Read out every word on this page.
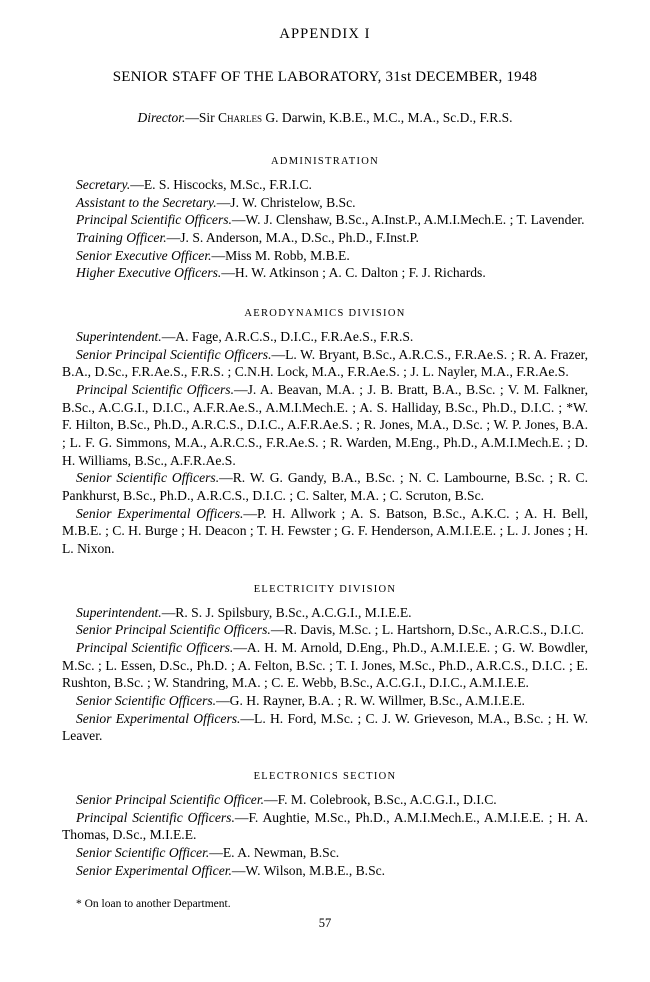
APPENDIX I
SENIOR STAFF OF THE LABORATORY, 31st DECEMBER, 1948
Director.—Sir Charles G. Darwin, K.B.E., M.C., M.A., Sc.D., F.R.S.
ADMINISTRATION

Secretary.—E. S. Hiscocks, M.Sc., F.R.I.C.

Assistant to the Secretary.—J. W. Christelow, B.Sc.

Principal Scientific Officers.—W. J. Clenshaw, B.Sc., A.Inst.P., A.M.I.Mech.E. ; T. Lavender.

Training Officer.—J. S. Anderson, M.A., D.Sc., Ph.D., F.Inst.P.

Senior Executive Officer.—Miss M. Robb, M.B.E.

Higher Executive Officers.—H. W. Atkinson ; A. C. Dalton ; F. J. Richards.

AERODYNAMICS DIVISION

Superintendent.—A. Fage, A.R.C.S., D.I.C., F.R.Ae.S., F.R.S.

Senior Principal Scientific Officers.—L. W. Bryant, B.Sc., A.R.C.S., F.R.Ae.S. ; R. A. Frazer, B.A., D.Sc., F.R.Ae.S., F.R.S. ; C.N.H. Lock, M.A., F.R.Ae.S. ; J. L. Nayler, M.A., F.R.Ae.S.

Principal Scientific Officers.—J. A. Beavan, M.A. ; J. B. Bratt, B.A., B.Sc. ; V. M. Falkner, B.Sc., A.C.G.I., D.I.C., A.F.R.Ae.S., A.M.I.Mech.E. ; A. S. Halliday, B.Sc., Ph.D., D.I.C. ; *W. F. Hilton, B.Sc., Ph.D., A.R.C.S., D.I.C., A.F.R.Ae.S. ; R. Jones, M.A., D.Sc. ; W. P. Jones, B.A. ; L. F. G. Simmons, M.A., A.R.C.S., F.R.Ae.S. ; R. Warden, M.Eng., Ph.D., A.M.I.Mech.E. ; D. H. Williams, B.Sc., A.F.R.Ae.S.

Senior Scientific Officers.—R. W. G. Gandy, B.A., B.Sc. ; N. C. Lambourne, B.Sc. ; R. C. Pankhurst, B.Sc., Ph.D., A.R.C.S., D.I.C. ; C. Salter, M.A. ; C. Scruton, B.Sc.

Senior Experimental Officers.—P. H. Allwork ; A. S. Batson, B.Sc., A.K.C. ; A. H. Bell, M.B.E. ; C. H. Burge ; H. Deacon ; T. H. Fewster ; G. F. Henderson, A.M.I.E.E. ; L. J. Jones ; H. L. Nixon.

ELECTRICITY DIVISION

Superintendent.—R. S. J. Spilsbury, B.Sc., A.C.G.I., M.I.E.E.

Senior Principal Scientific Officers.—R. Davis, M.Sc. ; L. Hartshorn, D.Sc., A.R.C.S., D.I.C.

Principal Scientific Officers.—A. H. M. Arnold, D.Eng., Ph.D., A.M.I.E.E. ; G. W. Bowdler, M.Sc. ; L. Essen, D.Sc., Ph.D. ; A. Felton, B.Sc. ; T. I. Jones, M.Sc., Ph.D., A.R.C.S., D.I.C. ; E. Rushton, B.Sc. ; W. Standring, M.A. ; C. E. Webb, B.Sc., A.C.G.I., D.I.C., A.M.I.E.E.

Senior Scientific Officers.—G. H. Rayner, B.A. ; R. W. Willmer, B.Sc., A.M.I.E.E.

Senior Experimental Officers.—L. H. Ford, M.Sc. ; C. J. W. Grieveson, M.A., B.Sc. ; H. W. Leaver.

ELECTRONICS SECTION

Senior Principal Scientific Officer.—F. M. Colebrook, B.Sc., A.C.G.I., D.I.C.

Principal Scientific Officers.—F. Aughtie, M.Sc., Ph.D., A.M.I.Mech.E., A.M.I.E.E. ; H. A. Thomas, D.Sc., M.I.E.E.

Senior Scientific Officer.—E. A. Newman, B.Sc.

Senior Experimental Officer.—W. Wilson, M.B.E., B.Sc.

* On loan to another Department.
57
